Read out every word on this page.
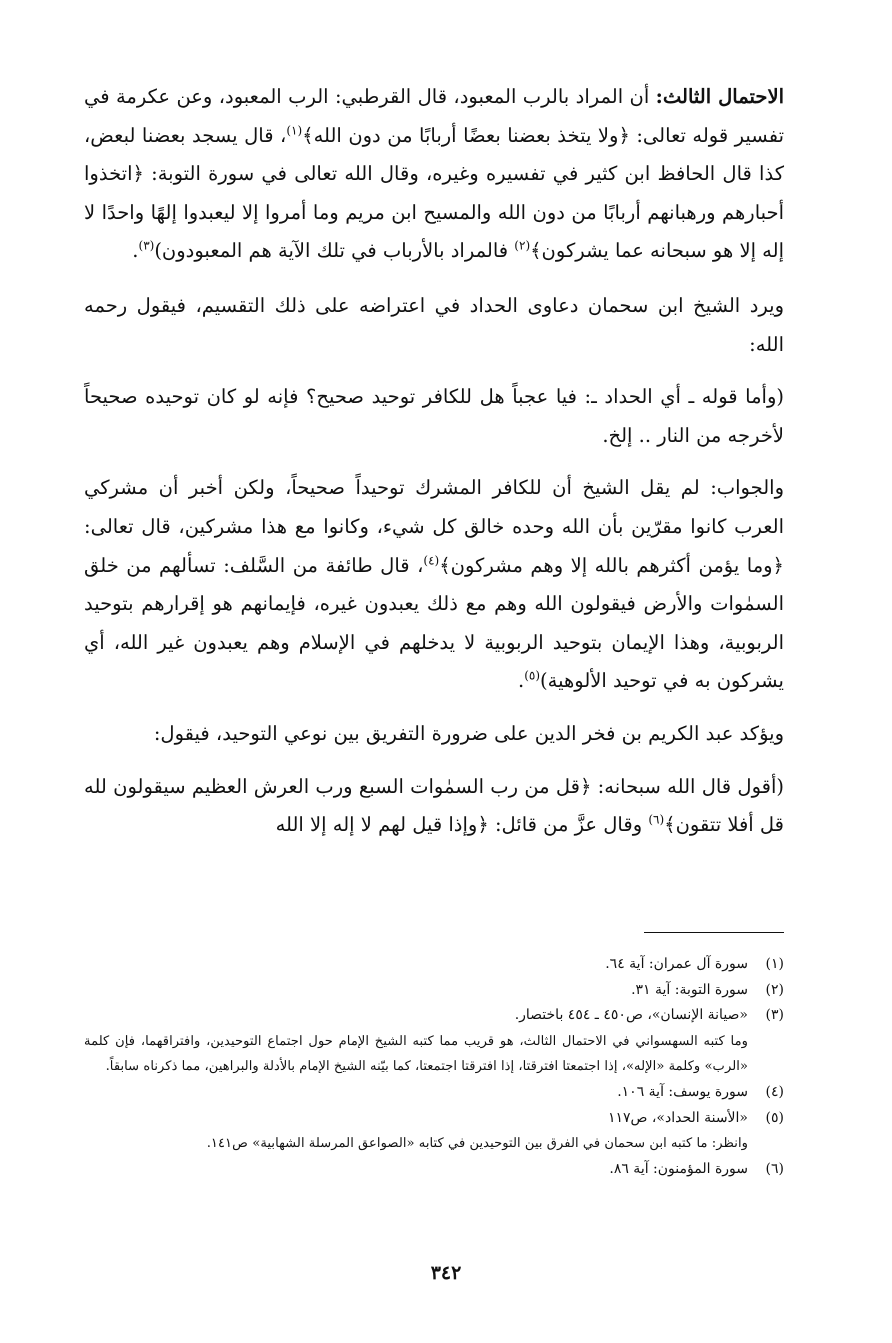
الاحتمال الثالث: أن المراد بالرب المعبود، قال القرطبي: الرب المعبود، وعن عكرمة في تفسير قوله تعالى: ﴿ولا يتخذ بعضنا بعضًا أربابًا من دون الله﴾$^{(١)}$، قال يسجد بعضنا لبعض، كذا قال الحافظ ابن كثير في تفسيره وغيره، وقال الله تعالى في سورة التوبة: ﴿اتخذوا أحبارهم ورهبانهم أربابًا من دون الله والمسيح ابن مريم وما أمروا إلا ليعبدوا إلهًا واحدًا لا إله إلا هو سبحانه عما يشركون﴾$^{(٢)}$ فالمراد بالأرباب في تلك الآية هم المعبودون)$^{(٣)}$.

ويرد الشيخ ابن سحمان دعاوى الحداد في اعتراضه على ذلك التقسيم، فيقول رحمه الله:

(وأما قوله ـ أي الحداد ـ: فيا عجباً هل للكافر توحيد صحيح؟ فإنه لو كان توحيده صحيحاً لأخرجه من النار .. إلخ.

والجواب: لم يقل الشيخ أن للكافر المشرك توحيداً صحيحاً، ولكن أخبر أن مشركي العرب كانوا مقرّين بأن الله وحده خالق كل شيء، وكانوا مع هذا مشركين، قال تعالى: ﴿وما يؤمن أكثرهم بالله إلا وهم مشركون﴾$^{(٤)}$، قال طائفة من السَّلف: تسألهم من خلق السمٰوات والأرض فيقولون الله وهم مع ذلك يعبدون غيره، فإيمانهم هو إقرارهم بتوحيد الربوبية، وهذا الإيمان بتوحيد الربوبية لا يدخلهم في الإسلام وهم يعبدون غير الله، أي يشركون به في توحيد الألوهية)$^{(٥)}$.

ويؤكد عبد الكريم بن فخر الدين على ضرورة التفريق بين نوعي التوحيد، فيقول:

(أقول قال الله سبحانه: ﴿قل من رب السمٰوات السبع ورب العرش العظيم سيقولون لله قل أفلا تتقون﴾$^{(٦)}$ وقال عزَّ من قائل: ﴿وإذا قيل لهم لا إله إلا الله

(١)
سورة آل عمران: آية ٦٤.
(٢)
سورة التوبة: آية ٣١.
(٣)
«صيانة الإنسان»، ص٤٥٠ ـ ٤٥٤ باختصار.
وما كتبه السهسواني في الاحتمال الثالث، هو قريب مما كتبه الشيخ الإمام حول اجتماع التوحيدين، وافتراقهما، فإن كلمة «الرب» وكلمة «الإله»، إذا اجتمعتا افترقتا، إذا افترقتا اجتمعتا، كما بيّنه الشيخ الإمام بالأدلة والبراهين، مما ذكرناه سابقاً.
(٤)
سورة يوسف: آية ١٠٦.
(٥)
«الأسنة الحداد»، ص١١٧
وانظر: ما كتبه ابن سحمان في الفرق بين التوحيدين في كتابه «الصواعق المرسلة الشهابية» ص١٤١.
(٦)
سورة المؤمنون: آية ٨٦.
٣٤٢
